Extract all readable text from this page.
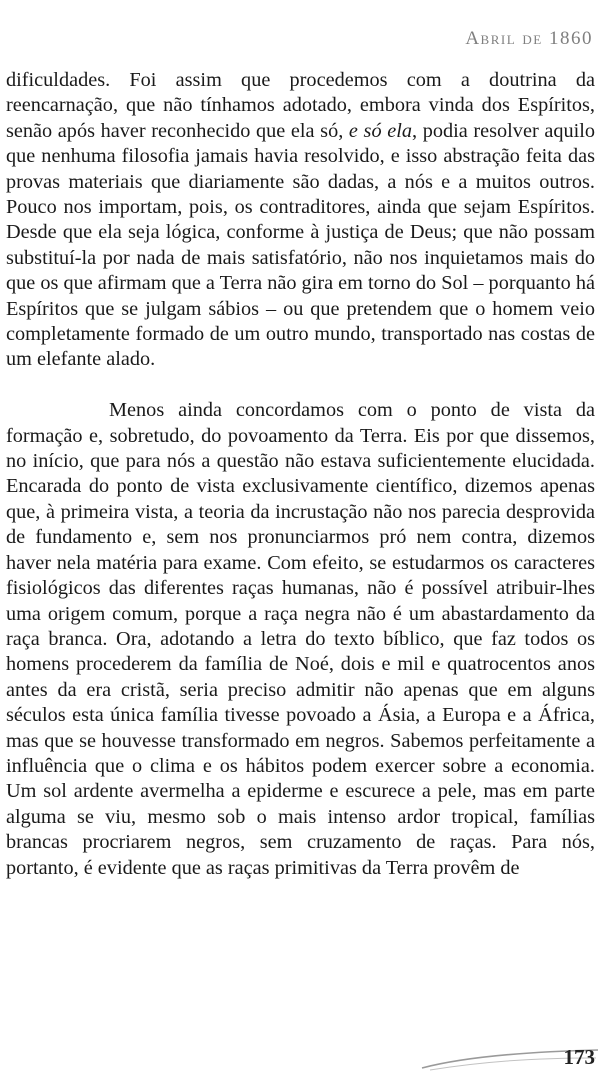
Abril de 1860

dificuldades. Foi assim que procedemos com a doutrina da reencarnação, que não tínhamos adotado, embora vinda dos Espíritos, senão após haver reconhecido que ela só, e só ela, podia resolver aquilo que nenhuma filosofia jamais havia resolvido, e isso abstração feita das provas materiais que diariamente são dadas, a nós e a muitos outros. Pouco nos importam, pois, os contraditores, ainda que sejam Espíritos. Desde que ela seja lógica, conforme à justiça de Deus; que não possam substituí-la por nada de mais satisfatório, não nos inquietamos mais do que os que afirmam que a Terra não gira em torno do Sol – porquanto há Espíritos que se julgam sábios – ou que pretendem que o homem veio completamente formado de um outro mundo, transportado nas costas de um elefante alado.

Menos ainda concordamos com o ponto de vista da formação e, sobretudo, do povoamento da Terra. Eis por que dissemos, no início, que para nós a questão não estava suficientemente elucidada. Encarada do ponto de vista exclusivamente científico, dizemos apenas que, à primeira vista, a teoria da incrustação não nos parecia desprovida de fundamento e, sem nos pronunciarmos pró nem contra, dizemos haver nela matéria para exame. Com efeito, se estudarmos os caracteres fisiológicos das diferentes raças humanas, não é possível atribuir-lhes uma origem comum, porque a raça negra não é um abastardamento da raça branca. Ora, adotando a letra do texto bíblico, que faz todos os homens procederem da família de Noé, dois e mil e quatrocentos anos antes da era cristã, seria preciso admitir não apenas que em alguns séculos esta única família tivesse povoado a Ásia, a Europa e a África, mas que se houvesse transformado em negros. Sabemos perfeitamente a influência que o clima e os hábitos podem exercer sobre a economia. Um sol ardente avermelha a epiderme e escurece a pele, mas em parte alguma se viu, mesmo sob o mais intenso ardor tropical, famílias brancas procriarem negros, sem cruzamento de raças. Para nós, portanto, é evidente que as raças primitivas da Terra provêm de

173
